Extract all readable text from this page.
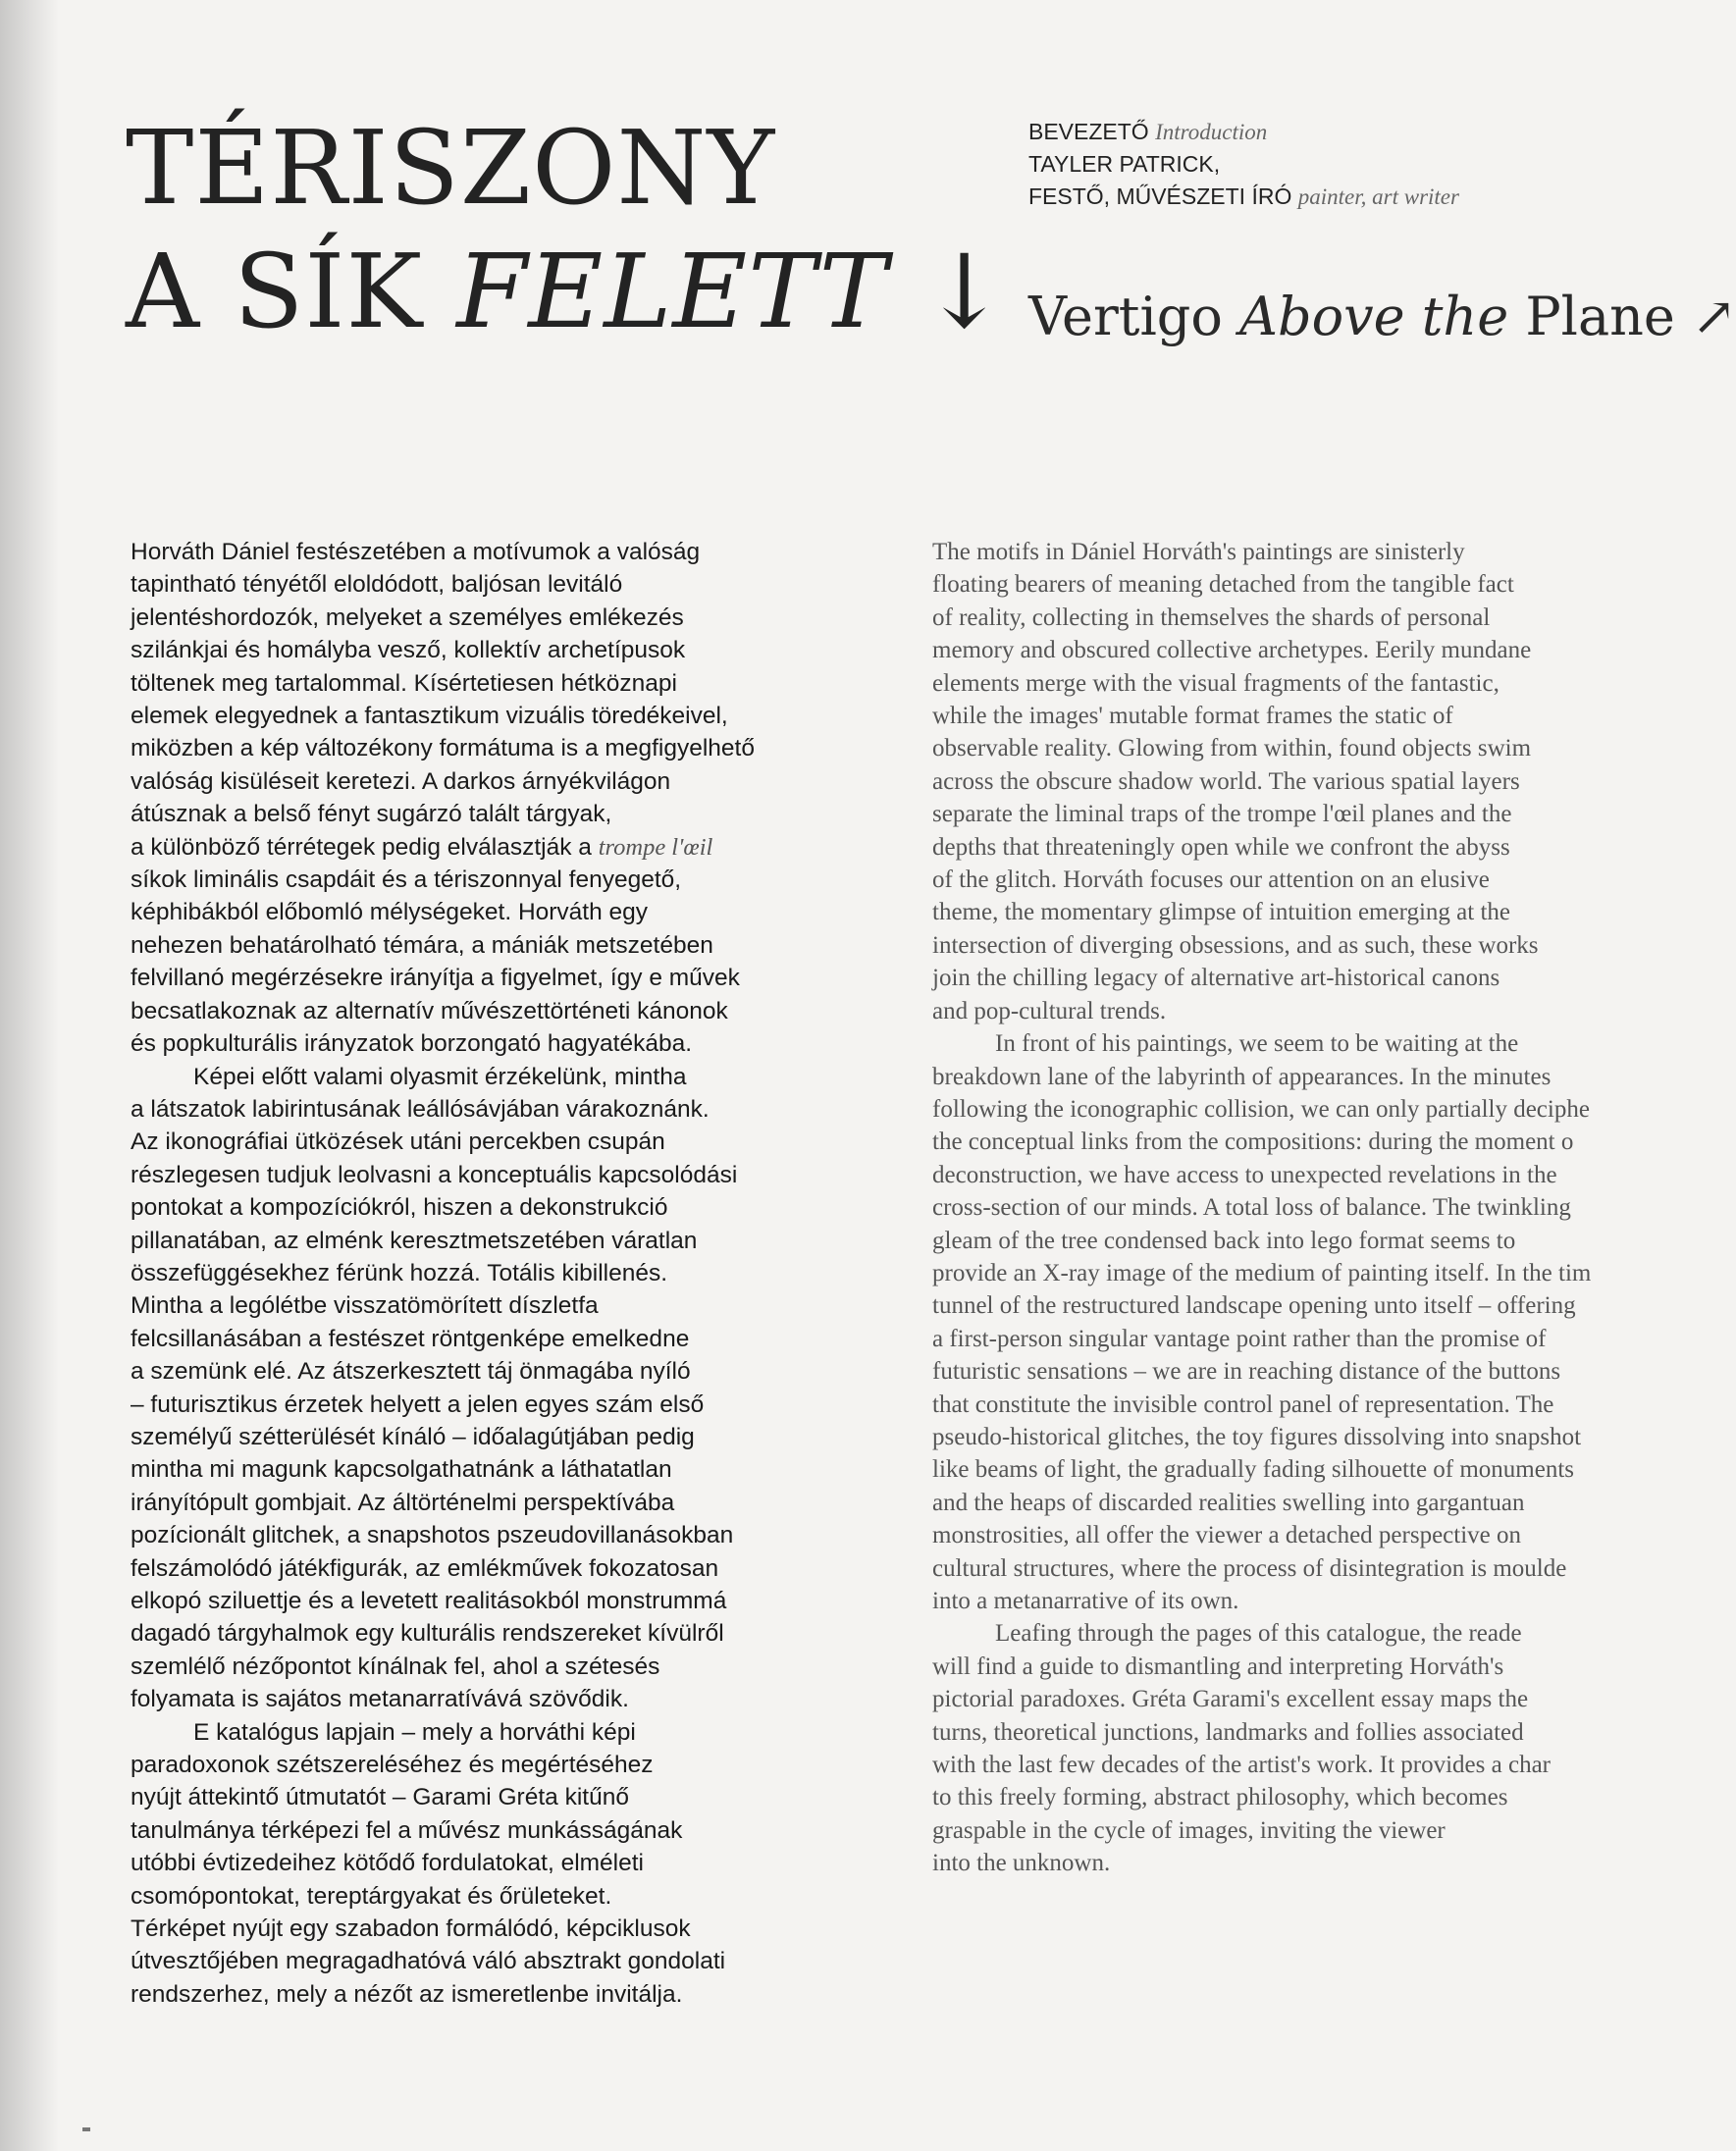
TÉRISZONY
A SÍK FELETT ↓
BEVEZETŐ Introduction
TAYLER PATRICK,
FESTŐ, MŰVÉSZETI ÍRÓ painter, art writer
Vertigo Above the Plane ↗
Horváth Dániel festészetében a motívumok a valóság
tapintható tényétől eloldódott, baljósan levitáló
jelentéshordozók, melyeket a személyes emlékezés
szilánkjai és homályba vesző, kollektív archetípusok
töltenek meg tartalommal. Kísértetiesen hétköznapi
elemek elegyednek a fantasztikum vizuális töredékeivel,
miközben a kép változékony formátuma is a megfigyelhető
valóság kisüléseit keretezi. A darkos árnyékvilágon
átúsznak a belső fényt sugárzó talált tárgyak,
a különböző térrétegek pedig elválasztják a trompe l'œil
síkok liminális csapdáit és a tériszonnyal fenyegető,
képhibákból előbomló mélységeket. Horváth egy
nehezen behatárolható témára, a mániák metszetében
felvillanó megérzésekre irányítja a figyelmet, így e művek
becsatlakoznak az alternatív művészettörténeti kánonok
és popkulturális irányzatok borzongató hagyatékába.
Képei előtt valami olyasmit érzékelünk, mintha
a látszatok labirintusának leállósávjában várakoznánk.
Az ikonográfiai ütközések utáni percekben csupán
részlegesen tudjuk leolvasni a konceptuális kapcsolódási
pontokat a kompozíciókról, hiszen a dekonstrukció
pillanatában, az elménk keresztmetszetében váratlan
összefüggésekhez férünk hozzá. Totális kibillenés.
Mintha a lególétbe visszatömörített díszletfa
felcsillanásában a festészet röntgenképe emelkedne
a szemünk elé. Az átszerkesztett táj önmagába nyíló
– futurisztikus érzetek helyett a jelen egyes szám első
személyű szétterülését kínáló – időalagútjában pedig
mintha mi magunk kapcsolgathatnánk a láthatatlan
irányítópult gombjait. Az áltörténelmi perspektívába
pozícionált glitchek, a snapshotos pszeudovillanásokban
felszámolódó játékfigurák, az emlékművek fokozatosan
elkopó sziluettje és a levetett realitásokból monstrummá
dagadó tárgyhalmok egy kulturális rendszereket kívülről
szemlélő nézőpontot kínálnak fel, ahol a szétesés
folyamata is sajátos metanarratívává szövődik.
E katalógus lapjain – mely a horváthi képi
paradoxonok szétszereléséhez és megértéséhez
nyújt áttekintő útmutatót – Garami Gréta kitűnő
tanulmánya térképezi fel a művész munkásságának
utóbbi évtizedeihez kötődő fordulatokat, elméleti
csomópontokat, tereptárgyakat és őrületeket.
Térképet nyújt egy szabadon formálódó, képciklusok
útvesztőjében megragadhatóvá váló absztrakt gondolati
rendszerhez, mely a nézőt az ismeretlenbe invitálja.
The motifs in Dániel Horváth's paintings are sinisterly
floating bearers of meaning detached from the tangible fact
of reality, collecting in themselves the shards of personal
memory and obscured collective archetypes. Eerily mundane
elements merge with the visual fragments of the fantastic,
while the images' mutable format frames the static of
observable reality. Glowing from within, found objects swim
across the obscure shadow world. The various spatial layers
separate the liminal traps of the trompe l'œil planes and the
depths that threateningly open while we confront the abyss
of the glitch. Horváth focuses our attention on an elusive
theme, the momentary glimpse of intuition emerging at the
intersection of diverging obsessions, and as such, these works
join the chilling legacy of alternative art-historical canons
and pop-cultural trends.
In front of his paintings, we seem to be waiting at the
breakdown lane of the labyrinth of appearances. In the minutes
following the iconographic collision, we can only partially deciphe
the conceptual links from the compositions: during the moment o
deconstruction, we have access to unexpected revelations in the
cross-section of our minds. A total loss of balance. The twinkling
gleam of the tree condensed back into lego format seems to
provide an X-ray image of the medium of painting itself. In the tim
tunnel of the restructured landscape opening unto itself – offering
a first-person singular vantage point rather than the promise of
futuristic sensations – we are in reaching distance of the buttons
that constitute the invisible control panel of representation. The
pseudo-historical glitches, the toy figures dissolving into snapshot
like beams of light, the gradually fading silhouette of monuments
and the heaps of discarded realities swelling into gargantuan
monstrosities, all offer the viewer a detached perspective on
cultural structures, where the process of disintegration is moulde
into a metanarrative of its own.
Leafing through the pages of this catalogue, the reade
will find a guide to dismantling and interpreting Horváth's
pictorial paradoxes. Gréta Garami's excellent essay maps the
turns, theoretical junctions, landmarks and follies associated
with the last few decades of the artist's work. It provides a char
to this freely forming, abstract philosophy, which becomes
graspable in the cycle of images, inviting the viewer
into the unknown.
